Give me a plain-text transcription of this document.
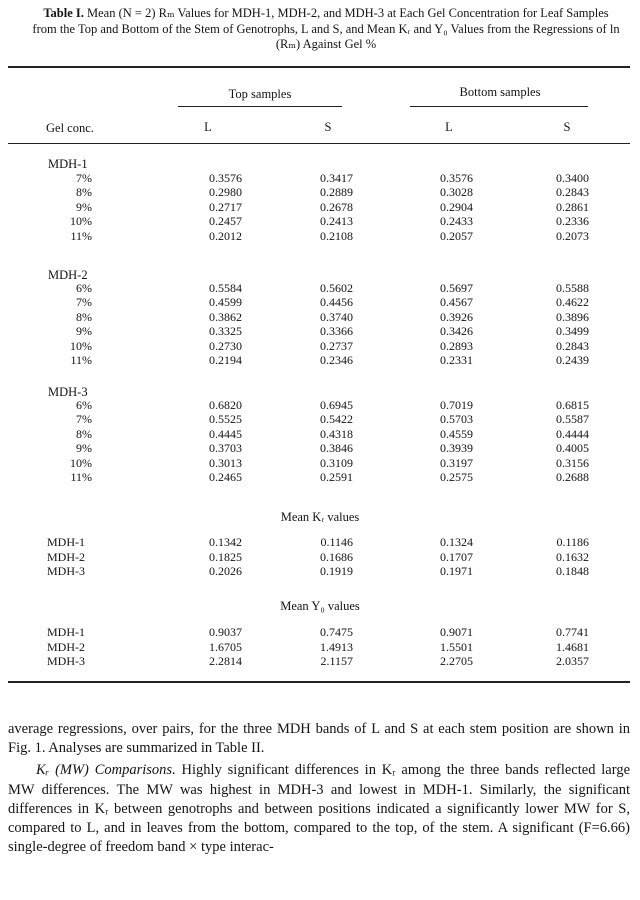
Table I. Mean (N = 2) Rₘ Values for MDH-1, MDH-2, and MDH-3 at Each Gel Concentration for Leaf Samples from the Top and Bottom of the Stem of Genotrophs, L and S, and Mean Kᵣ and Y₀ Values from the Regressions of ln (Rₘ) Against Gel %
Top samples	Bottom samples
Gel conc.	L	S	L	S
MDH-1
7%	0.3576	0.3417	0.3576	0.3400
8%	0.2980	0.2889	0.3028	0.2843
9%	0.2717	0.2678	0.2904	0.2861
10%	0.2457	0.2413	0.2433	0.2336
11%	0.2012	0.2108	0.2057	0.2073
MDH-2
6%	0.5584	0.5602	0.5697	0.5588
7%	0.4599	0.4456	0.4567	0.4622
8%	0.3862	0.3740	0.3926	0.3896
9%	0.3325	0.3366	0.3426	0.3499
10%	0.2730	0.2737	0.2893	0.2843
11%	0.2194	0.2346	0.2331	0.2439
MDH-3
6%	0.6820	0.6945	0.7019	0.6815
7%	0.5525	0.5422	0.5703	0.5587
8%	0.4445	0.4318	0.4559	0.4444
9%	0.3703	0.3846	0.3939	0.4005
10%	0.3013	0.3109	0.3197	0.3156
11%	0.2465	0.2591	0.2575	0.2688
Mean Kᵣ values
MDH-1	0.1342	0.1146	0.1324	0.1186
MDH-2	0.1825	0.1686	0.1707	0.1632
MDH-3	0.2026	0.1919	0.1971	0.1848
Mean Y₀ values
MDH-1	0.9037	0.7475	0.9071	0.7741
MDH-2	1.6705	1.4913	1.5501	1.4681
MDH-3	2.2814	2.1157	2.2705	2.0357

average regressions, over pairs, for the three MDH bands of L and S at each stem position are shown in Fig. 1. Analyses are summarized in Table II.

Kᵣ (MW) Comparisons. Highly significant differences in Kᵣ among the three bands reflected large MW differences. The MW was highest in MDH-3 and lowest in MDH-1. Similarly, the significant differences in Kᵣ between genotrophs and between positions indicated a significantly lower MW for S, compared to L, and in leaves from the bottom, compared to the top, of the stem. A significant (F=6.66) single-degree of freedom band × type interac-
